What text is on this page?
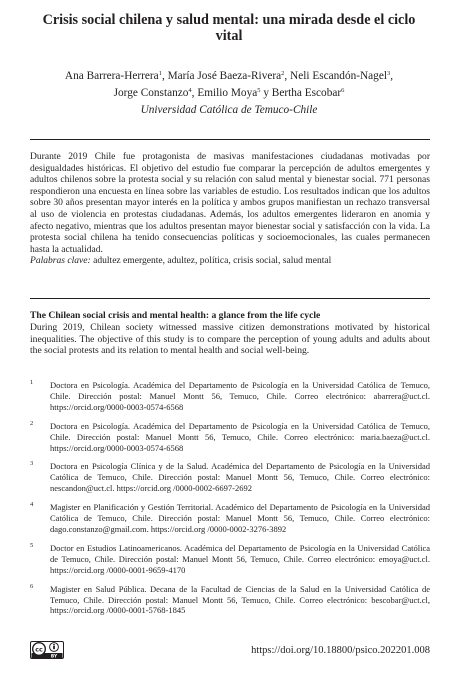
Crisis social chilena y salud mental: una mirada desde el ciclo vital
Ana Barrera-Herrera$^1$, María José Baeza-Rivera$^2$, Neli Escandón-Nagel$^3$,
Jorge Constanzo$^4$, Emilio Moya$^5$ y Bertha Escobar$^6$
Universidad Católica de Temuco-Chile

Durante 2019 Chile fue protagonista de masivas manifestaciones ciudadanas motivadas por desigualdades históricas. El objetivo del estudio fue comparar la percepción de adultos emergentes y adultos chilenos sobre la protesta social y su relación con salud mental y bienestar social. 771 personas respondieron una encuesta en línea sobre las variables de estudio. Los resultados indican que los adultos sobre 30 años presentan mayor interés en la política y ambos grupos manifiestan un rechazo transversal al uso de violencia en protestas ciudadanas. Además, los adultos emergentes lideraron en anomia y afecto negativo, mientras que los adultos presentan mayor bienestar social y satisfacción con la vida. La protesta social chilena ha tenido consecuencias políticas y socioemocionales, las cuales permanecen hasta la actualidad.

Palabras clave: adultez emergente, adultez, política, crisis social, salud mental

The Chilean social crisis and mental health: a glance from the life cycle
During 2019, Chilean society witnessed massive citizen demonstrations motivated by historical inequalities. The objective of this study is to compare the perception of young adults and adults about the social protests and its relation to mental health and social well-being.
1 Doctora en Psicología. Académica del Departamento de Psicología en la Universidad Católica de Temuco, Chile. Dirección postal: Manuel Montt 56, Temuco, Chile. Correo electrónico: abarrera@uct.cl. https://orcid.org/0000-0003-0574-6568
2 Doctora en Psicología. Académica del Departamento de Psicología en la Universidad Católica de Temuco, Chile. Dirección postal: Manuel Montt 56, Temuco, Chile. Correo electrónico: maria.baeza@uct.cl. https://orcid.org/0000-0003-0574-6568
3 Doctora en Psicología Clínica y de la Salud. Académica del Departamento de Psicología en la Universidad Católica de Temuco, Chile. Dirección postal: Manuel Montt 56, Temuco, Chile. Correo electrónico: nescandon@uct.cl. https://orcid.org /0000-0002-6697-2692
4 Magister en Planificación y Gestión Territorial. Académico del Departamento de Psicología en la Universidad Católica de Temuco, Chile. Dirección postal: Manuel Montt 56, Temuco, Chile. Correo electrónico: dago.constanzo@gmail.com. https://orcid.org /0000-0002-3276-3892
5 Doctor en Estudios Latinoamericanos. Académica del Departamento de Psicología en la Universidad Católica de Temuco, Chile. Dirección postal: Manuel Montt 56, Temuco, Chile. Correo electrónico: emoya@uct.cl. https://orcid.org /0000-0001-9659-4170
6 Magister en Salud Pública. Decana de la Facultad de Ciencias de la Salud en la Universidad Católica de Temuco, Chile. Dirección postal: Manuel Montt 56, Temuco, Chile. Correo electrónico: bescobar@uct.cl, https://orcid.org /0000-0001-5768-1845
cc
BY
https://doi.org/10.18800/psico.202201.008
